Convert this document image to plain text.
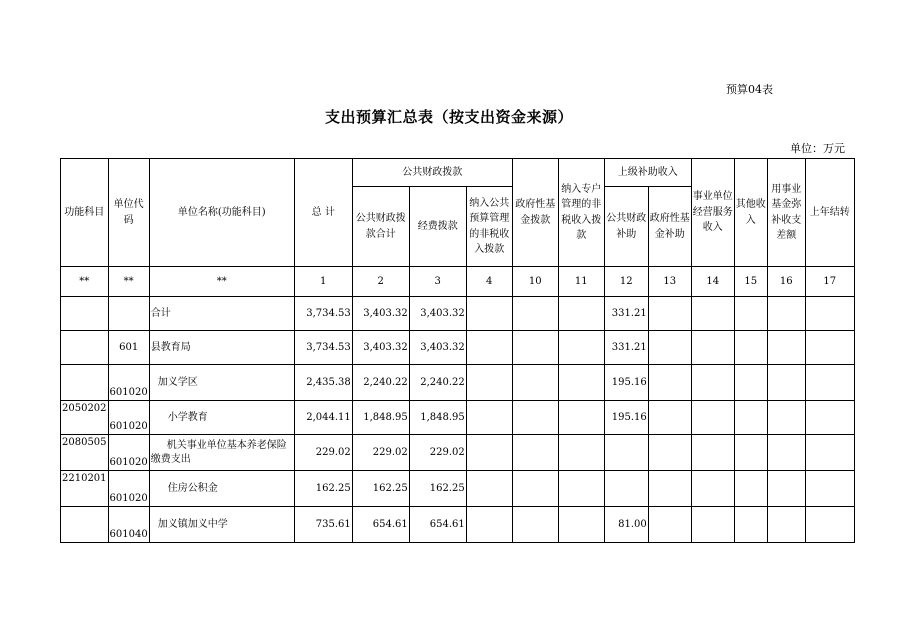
预算04表
支出预算汇总表（按支出资金来源）
单位：万元
功能科目	单位代码	单位名称(功能科目)	总 计	公共财政拨款			政府性基金拨款	纳入专户管理的非税收入拨款	上级补助收入		事业单位经营服务收入	其他收入	用事业基金弥补收支差额	上年结转
				公共财政拨款合计	经费拨款	纳入公共预算管理的非税收入拨款			公共财政补助	政府性基金补助				

**	**	**	1	2	3	4	10	11	12	13	14	15	16	17
		合计	3,734.53	3,403.32	3,403.32				331.21					
	601	县教育局	3,734.53	3,403.32	3,403.32				331.21					
	601020	加义学区	2,435.38	2,240.22	2,240.22				195.16					
2050202	601020	小学教育	2,044.11	1,848.95	1,848.95				195.16					
2080505	601020	机关事业单位基本养老保险缴费支出	229.02	229.02	229.02									
2210201	601020	住房公积金	162.25	162.25	162.25									
	601040	加义镇加义中学	735.61	654.61	654.61				81.00					
